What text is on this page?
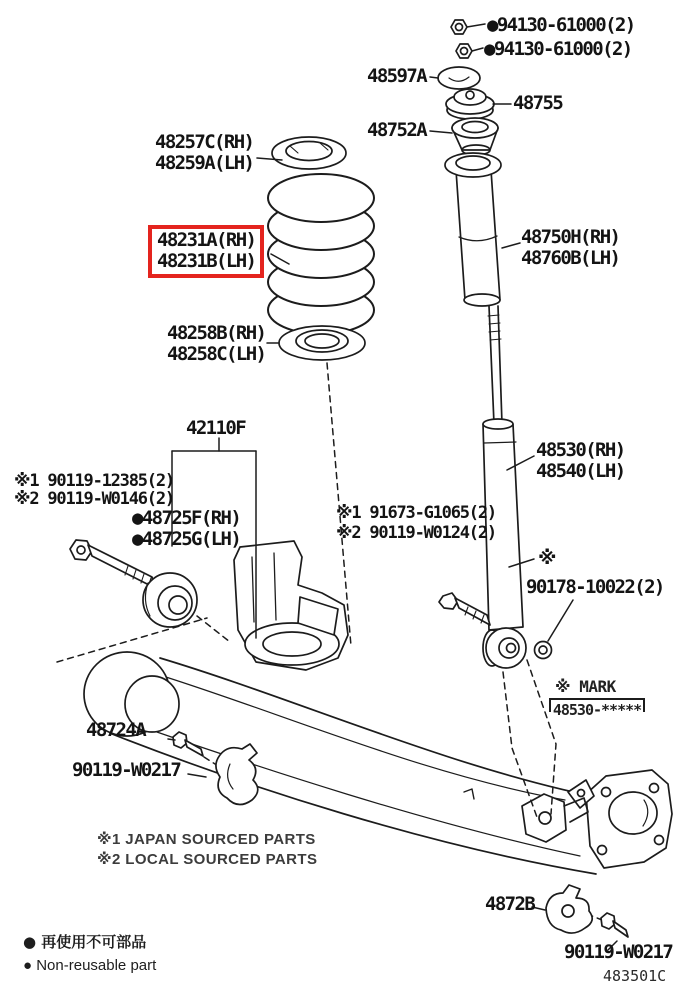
●94130-61000(2)
●94130-61000(2)
48597A
48755
48752A
48257C(RH)
48259A(LH)
48231A(RH)
48231B(LH)
48750H(RH)
48760B(LH)
48258B(RH)
48258C(LH)
42110F
48530(RH)
48540(LH)
※1 90119-12385(2)
※2 90119-W0146(2)
●48725F(RH)
●48725G(LH)
※1 91673-G1065(2)
※2 90119-W0124(2)
※
90178-10022(2)
※ MARK
48530-*****
48724A
90119-W0217
※1 JAPAN SOURCED PARTS
※2 LOCAL SOURCED PARTS
4872B
90119-W0217
● 再使用不可部品
● Non-reusable part
483501C
